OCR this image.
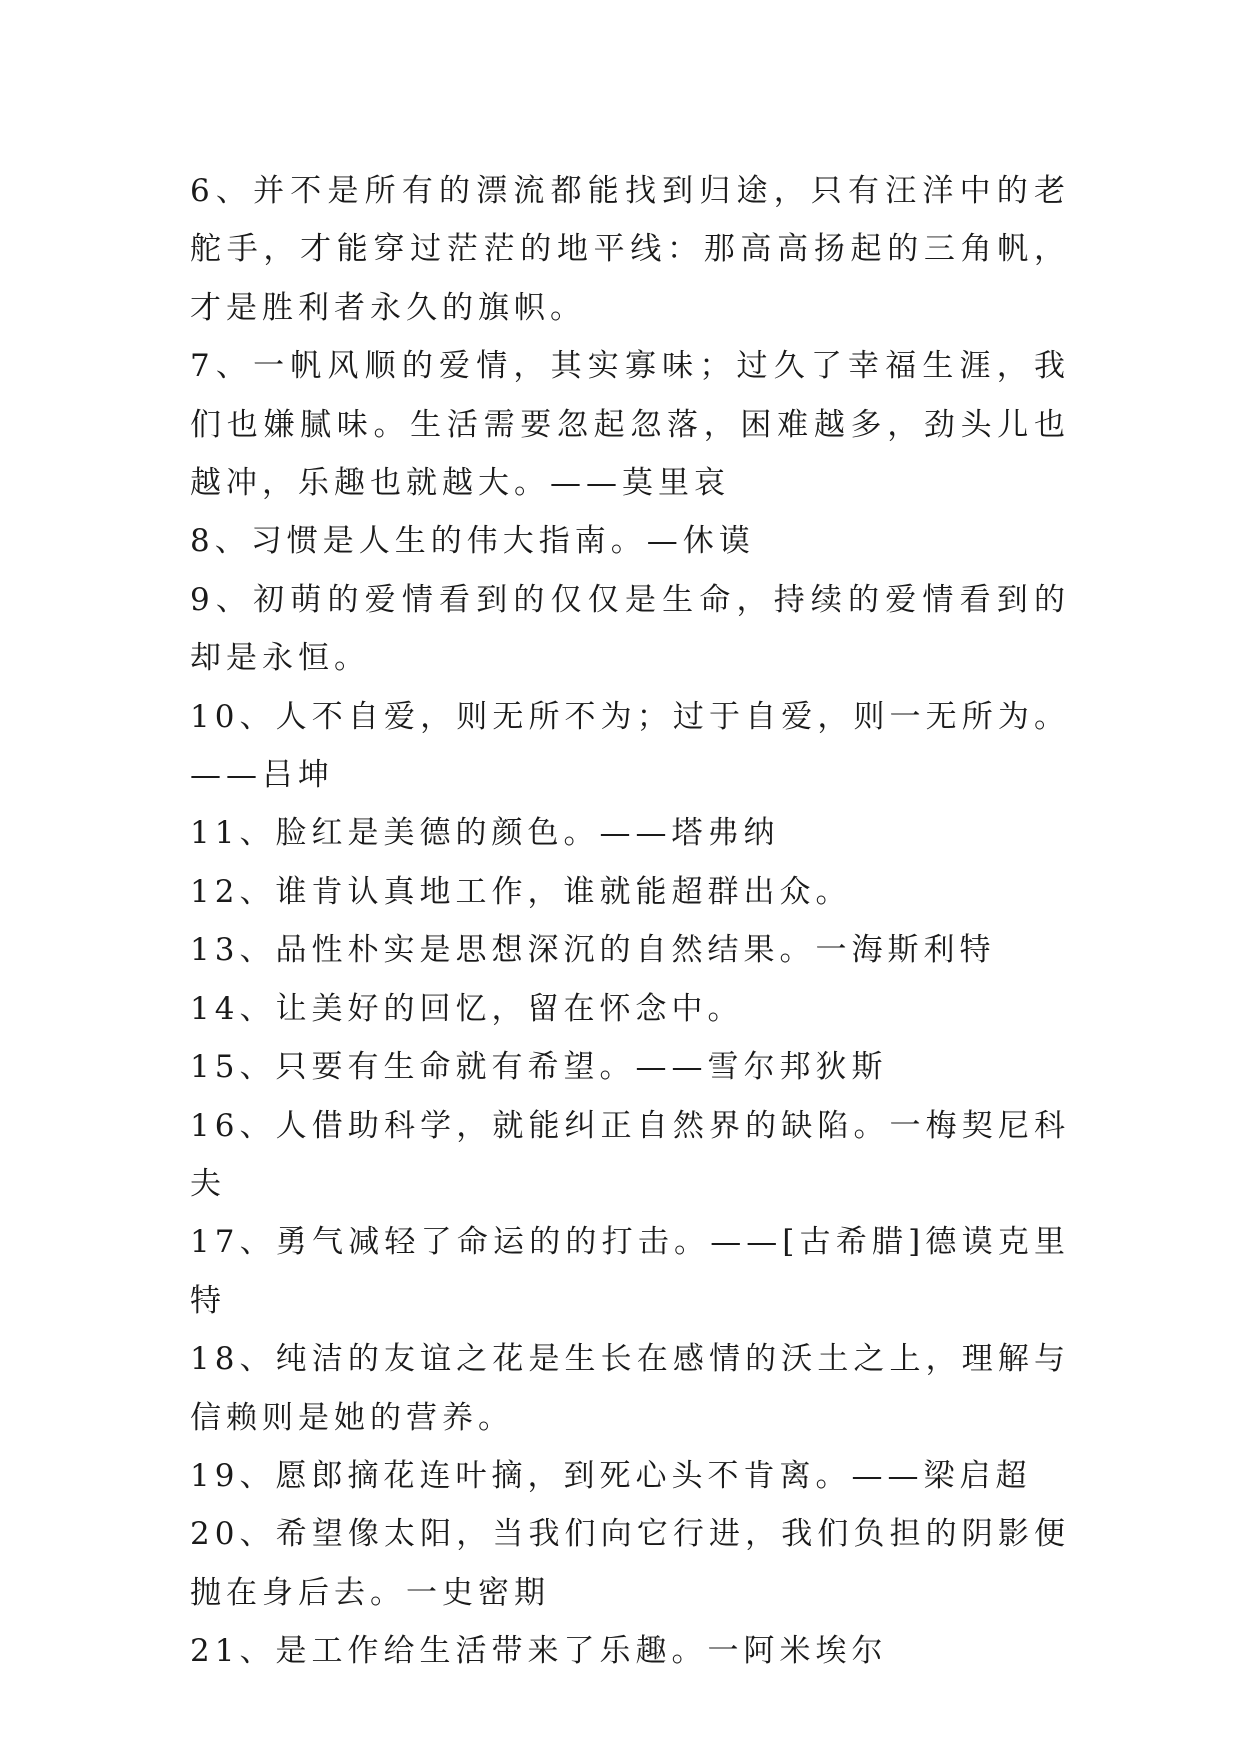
6、并不是所有的漂流都能找到归途，只有汪洋中的老舵手，才能穿过茫茫的地平线：那高高扬起的三角帆，才是胜利者永久的旗帜。

7、一帆风顺的爱情，其实寡味；过久了幸福生涯，我们也嫌腻味。生活需要忽起忽落，困难越多，劲头儿也越冲，乐趣也就越大。——莫里哀

8、习惯是人生的伟大指南。—休谟

9、初萌的爱情看到的仅仅是生命，持续的爱情看到的却是永恒。

10、人不自爱，则无所不为；过于自爱，则一无所为。——吕坤

11、脸红是美德的颜色。——塔弗纳

12、谁肯认真地工作，谁就能超群出众。

13、品性朴实是思想深沉的自然结果。一海斯利特

14、让美好的回忆，留在怀念中。

15、只要有生命就有希望。——雪尔邦狄斯

16、人借助科学，就能纠正自然界的缺陷。一梅契尼科夫

17、勇气减轻了命运的的打击。——[古希腊]德谟克里特

18、纯洁的友谊之花是生长在感情的沃土之上，理解与信赖则是她的营养。

19、愿郎摘花连叶摘，到死心头不肯离。——梁启超

20、希望像太阳，当我们向它行进，我们负担的阴影便抛在身后去。一史密期

21、是工作给生活带来了乐趣。一阿米埃尔
